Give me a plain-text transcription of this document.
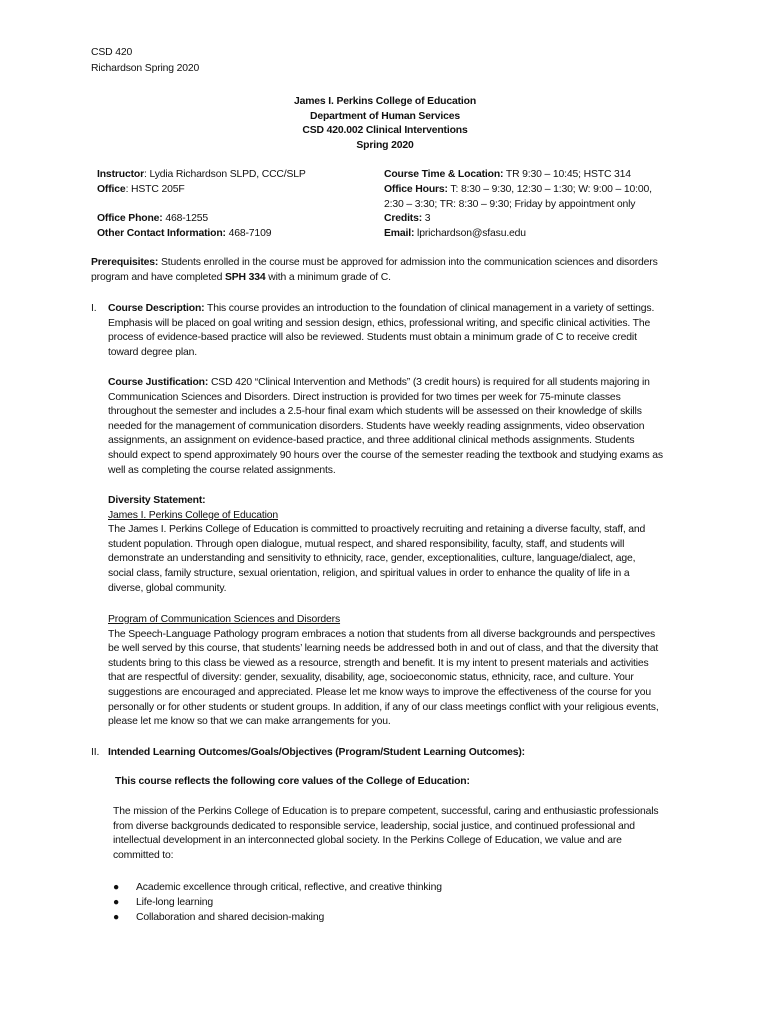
CSD 420
Richardson Spring 2020
James I. Perkins College of Education
Department of Human Services
CSD 420.002 Clinical Interventions
Spring 2020
Instructor: Lydia Richardson SLPD, CCC/SLP
Office: HSTC 205F
Office Phone: 468-1255
Other Contact Information: 468-7109
Course Time & Location: TR 9:30 – 10:45; HSTC 314
Office Hours: T: 8:30 – 9:30, 12:30 – 1:30; W: 9:00 – 10:00,
2:30 – 3:30; TR: 8:30 – 9:30; Friday by appointment only
Credits: 3
Email: lprichardson@sfasu.edu
Prerequisites: Students enrolled in the course must be approved for admission into the communication sciences and disorders
program and have completed SPH 334 with a minimum grade of C.
I. Course Description: This course provides an introduction to the foundation of clinical management in a variety of settings.
Emphasis will be placed on goal writing and session design, ethics, professional writing, and specific clinical activities. The
process of evidence-based practice will also be reviewed. Students must obtain a minimum grade of C to receive credit
toward degree plan.
Course Justification: CSD 420 “Clinical Intervention and Methods” (3 credit hours) is required for all students majoring in
Communication Sciences and Disorders. Direct instruction is provided for two times per week for 75-minute classes
throughout the semester and includes a 2.5-hour final exam which students will be assessed on their knowledge of skills
needed for the management of communication disorders. Students have weekly reading assignments, video observation
assignments, an assignment on evidence-based practice, and three additional clinical methods assignments. Students
should expect to spend approximately 90 hours over the course of the semester reading the textbook and studying exams as
well as completing the course related assignments.
Diversity Statement:
James I. Perkins College of Education
The James I. Perkins College of Education is committed to proactively recruiting and retaining a diverse faculty, staff, and
student population. Through open dialogue, mutual respect, and shared responsibility, faculty, staff, and students will
demonstrate an understanding and sensitivity to ethnicity, race, gender, exceptionalities, culture, language/dialect, age,
social class, family structure, sexual orientation, religion, and spiritual values in order to enhance the quality of life in a
diverse, global community.
Program of Communication Sciences and Disorders
The Speech-Language Pathology program embraces a notion that students from all diverse backgrounds and perspectives
be well served by this course, that students’ learning needs be addressed both in and out of class, and that the diversity that
students bring to this class be viewed as a resource, strength and benefit. It is my intent to present materials and activities
that are respectful of diversity: gender, sexuality, disability, age, socioeconomic status, ethnicity, race, and culture. Your
suggestions are encouraged and appreciated. Please let me know ways to improve the effectiveness of the course for you
personally or for other students or student groups. In addition, if any of our class meetings conflict with your religious events,
please let me know so that we can make arrangements for you.
II. Intended Learning Outcomes/Goals/Objectives (Program/Student Learning Outcomes):
This course reflects the following core values of the College of Education:
The mission of the Perkins College of Education is to prepare competent, successful, caring and enthusiastic professionals
from diverse backgrounds dedicated to responsible service, leadership, social justice, and continued professional and
intellectual development in an interconnected global society. In the Perkins College of Education, we value and are
committed to:
● Academic excellence through critical, reflective, and creative thinking
● Life-long learning
● Collaboration and shared decision-making
